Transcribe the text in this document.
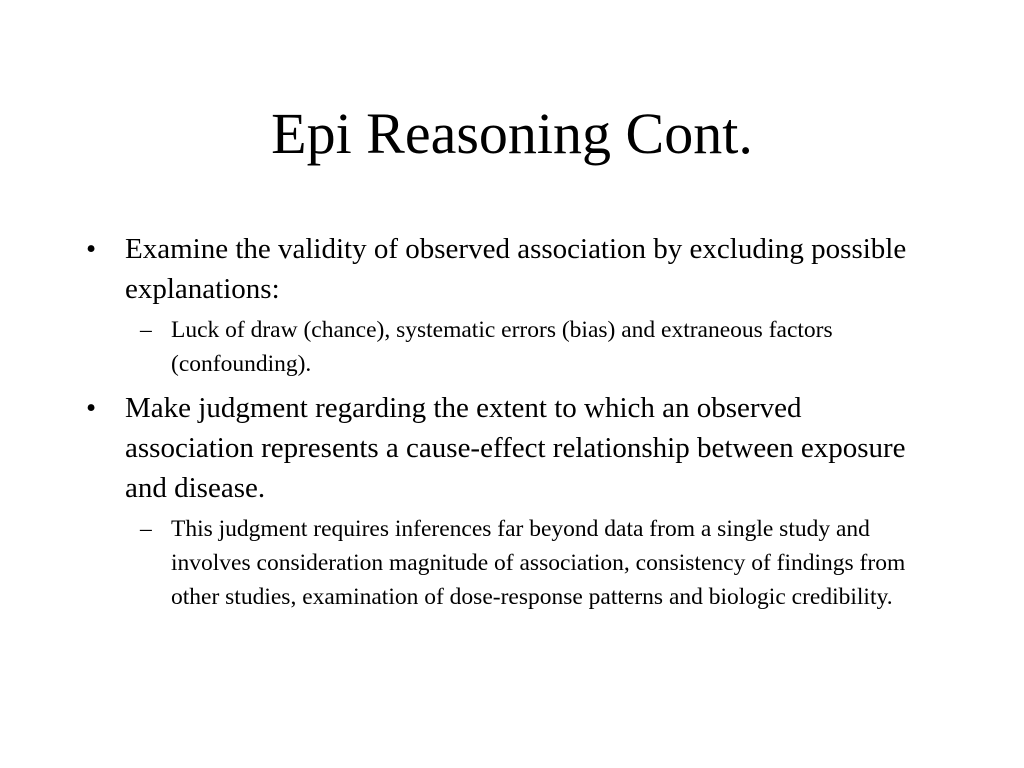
Epi Reasoning Cont.
• Examine the validity of observed association by excluding possible explanations:
– Luck of draw (chance), systematic errors (bias) and extraneous factors (confounding).
• Make judgment regarding the extent to which an observed association represents a cause-effect relationship between exposure and disease.
– This judgment requires inferences far beyond data from a single study and involves consideration magnitude of association, consistency of findings from other studies, examination of dose-response patterns and biologic credibility.
